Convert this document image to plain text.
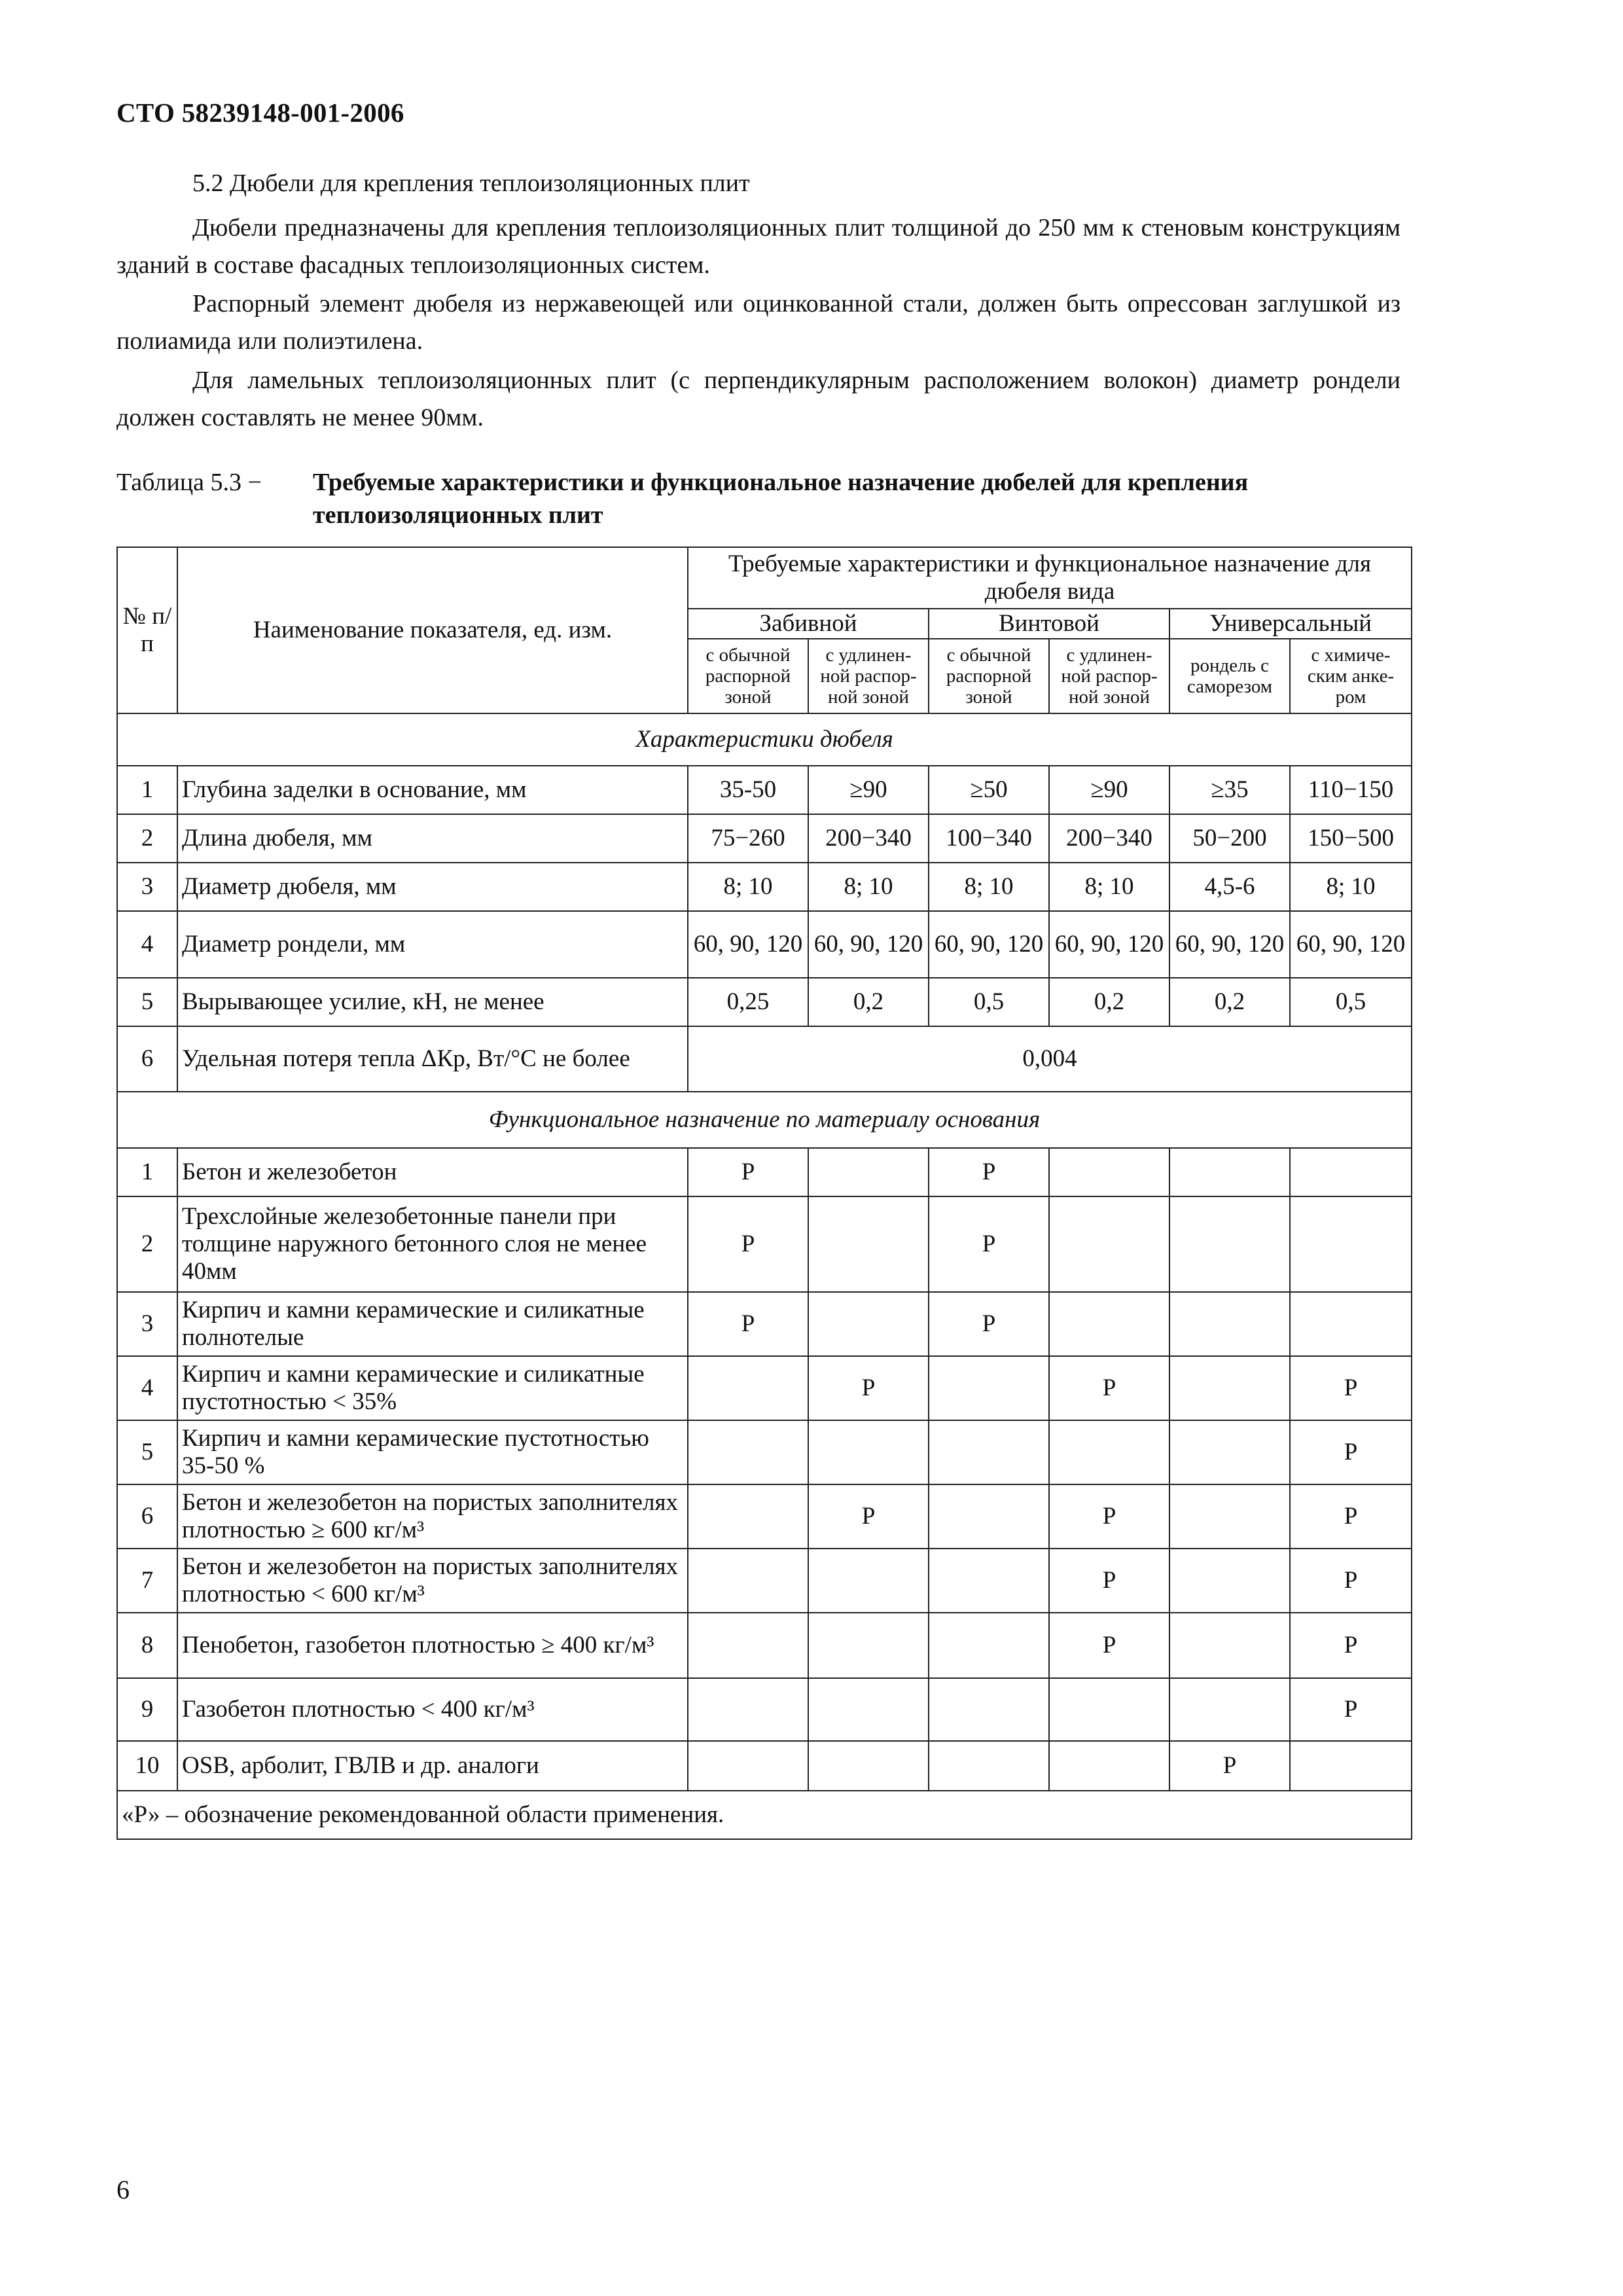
СТО 58239148-001-2006
5.2 Дюбели для крепления теплоизоляционных плит
Дюбели предназначены для крепления теплоизоляционных плит толщиной до 250 мм к стеновым конструкциям зданий в составе фасадных теплоизоляционных систем.
Распорный элемент дюбеля из нержавеющей или оцинкованной стали, должен быть опрессован заглушкой из полиамида или полиэтилена.
Для ламельных теплоизоляционных плит (с перпендикулярным расположением волокон) диаметр рондели должен составлять не менее 90мм.
Таблица 5.3 −	Требуемые характеристики и функциональное назначение дюбелей для крепления теплоизоляционных плит
№ п/п	Наименование показателя, ед. изм.	Требуемые характеристики и функциональное назначение для дюбеля вида					
		Забивной		Винтовой		Универсальный	
		с обычной распорной зоной	с удлинен-ной распор-ной зоной	с обычной распорной зоной	с удлинен-ной распор-ной зоной	рондель с саморезом	с химиче-ским анке-ром
Характеристики дюбеля							
1	Глубина заделки в основание, мм	35-50	≥90	≥50	≥90	≥35	110−150
2	Длина дюбеля, мм	75−260	200−340	100−340	200−340	50−200	150−500
3	Диаметр дюбеля, мм	8; 10	8; 10	8; 10	8; 10	4,5-6	8; 10
4	Диаметр рондели, мм	60, 90, 120	60, 90, 120	60, 90, 120	60, 90, 120	60, 90, 120	60, 90, 120
5	Вырывающее усилие, кН, не менее	0,25	0,2	0,5	0,2	0,2	0,5
6	Удельная потеря тепла ΔКр, Вт/°С не более	0,004					
Функциональное назначение по материалу основания							
1	Бетон и железобетон	Р		Р			
2	Трехслойные железобетонные панели при толщине наружного бетонного слоя не менее 40мм	Р		Р			
3	Кирпич и камни керамические и силикатные полнотелые	Р		Р			
4	Кирпич и камни керамические и силикатные пустотностью < 35%		Р		Р		Р
5	Кирпич и камни керамические пустотностью 35-50 %						Р
6	Бетон и железобетон на пористых заполнителях плотностью ≥ 600 кг/м³		Р		Р		Р
7	Бетон и железобетон на пористых заполнителях плотностью < 600 кг/м³				Р		Р
8	Пенобетон, газобетон плотностью ≥ 400 кг/м³				Р		Р
9	Газобетон плотностью < 400 кг/м³						Р
10	OSB, арболит, ГВЛВ и др. аналоги					Р	
«Р» – обозначение рекомендованной области применения.							
6
